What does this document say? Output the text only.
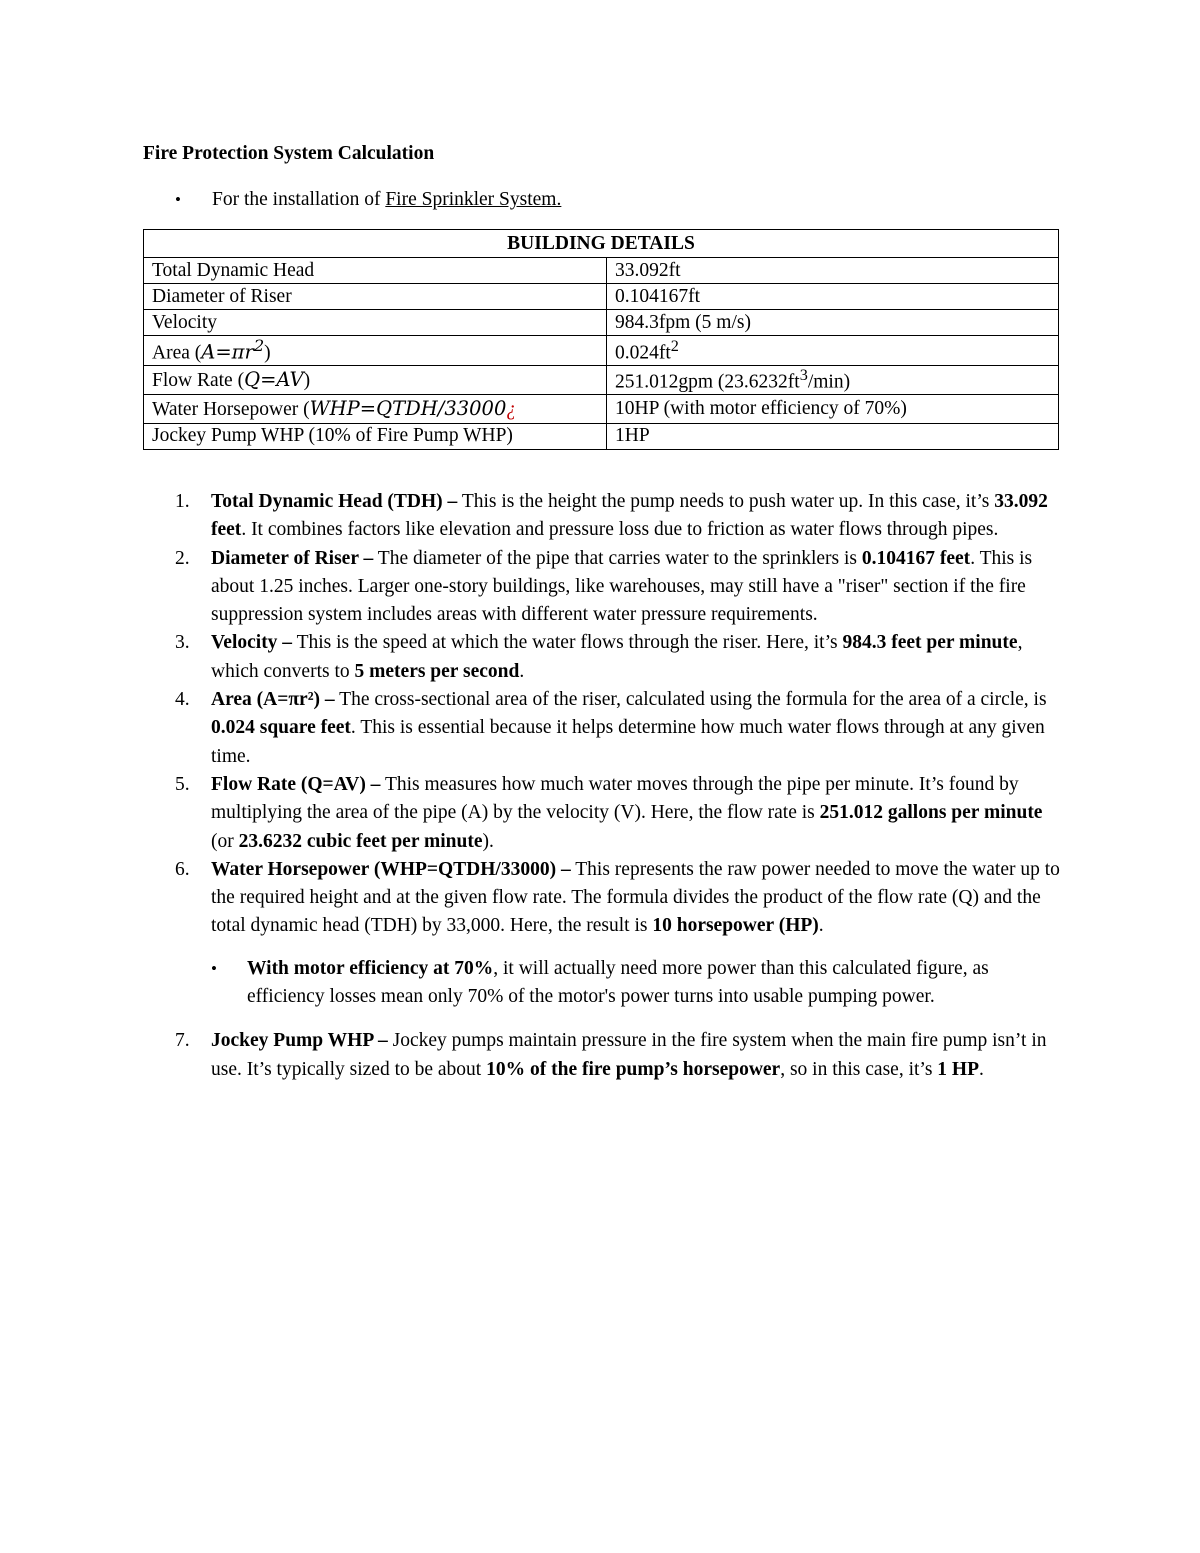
Fire Protection System Calculation
•	For the installation of Fire Sprinkler System.
BUILDING DETAILS	
Total Dynamic Head	33.092ft
Diameter of Riser	0.104167ft
Velocity	984.3fpm (5 m/s)
Area $(A=\pi r^2)$	$0.024ft^2$
Flow Rate (Q=AV)	251.012gpm $(23.6232ft^3/\min)$
Water Horsepower (WHP=QTDH/33000¿	10HP (with motor efficiency of 70%)
Jockey Pump WHP (10% of Fire Pump WHP)	1HP
1. Total Dynamic Head (TDH) – This is the height the pump needs to push water up. In this case, it’s 33.092 feet. It combines factors like elevation and pressure loss due to friction as water flows through pipes.
2. Diameter of Riser – The diameter of the pipe that carries water to the sprinklers is 0.104167 feet. This is about 1.25 inches. Larger one-story buildings, like warehouses, may still have a "riser" section if the fire suppression system includes areas with different water pressure requirements.
3. Velocity – This is the speed at which the water flows through the riser. Here, it’s 984.3 feet per minute, which converts to 5 meters per second.
4. Area (A=πr²) – The cross-sectional area of the riser, calculated using the formula for the area of a circle, is 0.024 square feet. This is essential because it helps determine how much water flows through at any given time.
5. Flow Rate (Q=AV) – This measures how much water moves through the pipe per minute. It’s found by multiplying the area of the pipe (A) by the velocity (V). Here, the flow rate is 251.012 gallons per minute (or 23.6232 cubic feet per minute).
6. Water Horsepower (WHP=QTDH/33000) – This represents the raw power needed to move the water up to the required height and at the given flow rate. The formula divides the product of the flow rate (Q) and the total dynamic head (TDH) by 33,000. Here, the result is 10 horsepower (HP).
• With motor efficiency at 70%, it will actually need more power than this calculated figure, as efficiency losses mean only 70% of the motor's power turns into usable pumping power.
7. Jockey Pump WHP – Jockey pumps maintain pressure in the fire system when the main fire pump isn’t in use. It’s typically sized to be about 10% of the fire pump’s horsepower, so in this case, it’s 1 HP.
